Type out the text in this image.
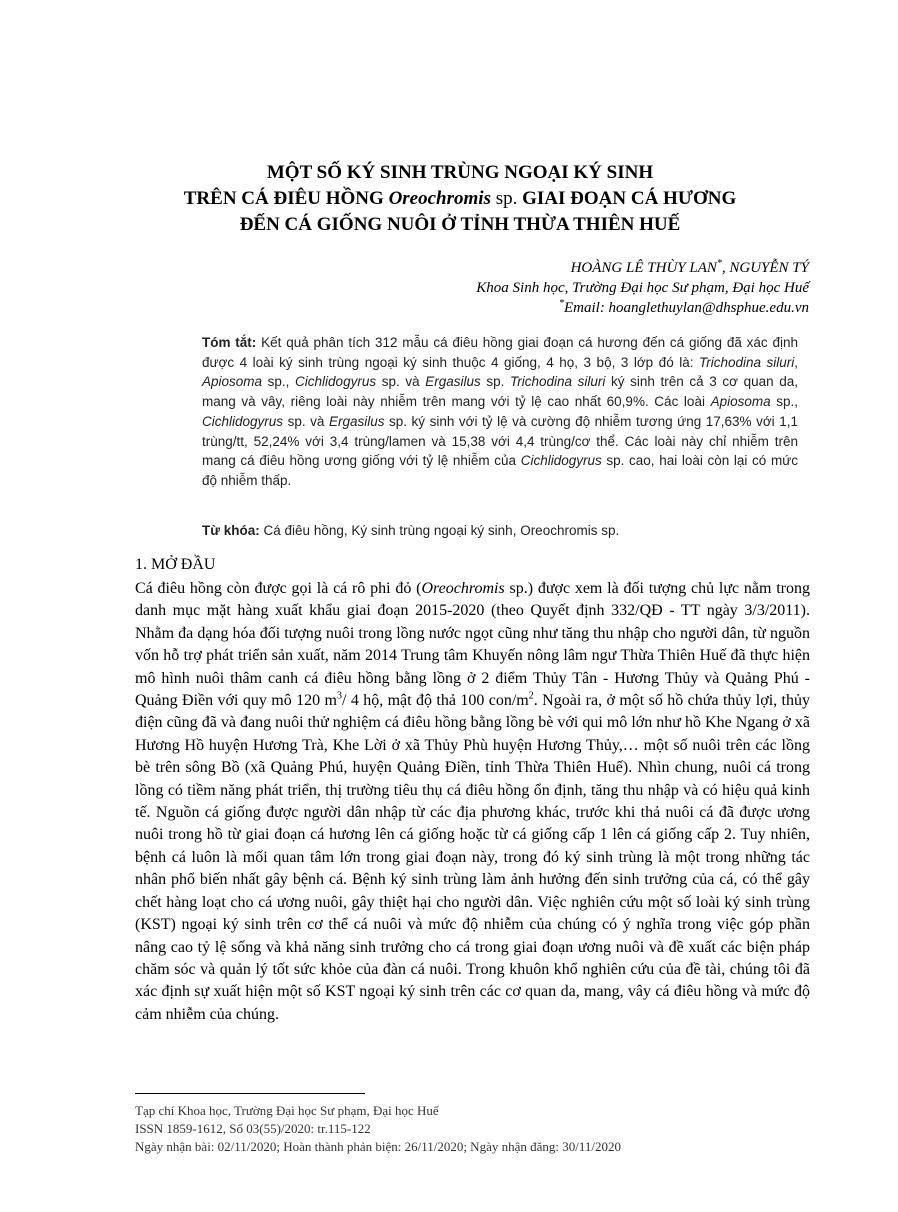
MỘT SỐ KÝ SINH TRÙNG NGOẠI KÝ SINH
TRÊN CÁ ĐIÊU HỒNG Oreochromis sp. GIAI ĐOẠN CÁ HƯƠNG
ĐẾN CÁ GIỐNG NUÔI Ở TỈNH THỪA THIÊN HUẾ
HOÀNG LÊ THÙY LAN*, NGUYỄN TÝ
Khoa Sinh học, Trường Đại học Sư phạm, Đại học Huế
*Email: hoanglethuylan@dhsphue.edu.vn
Tóm tắt: Kết quả phân tích 312 mẫu cá điêu hồng giai đoạn cá hương đến cá giống đã xác định được 4 loài ký sinh trùng ngoại ký sinh thuộc 4 giống, 4 họ, 3 bộ, 3 lớp đó là: Trichodina siluri, Apiosoma sp., Cichlidogyrus sp. và Ergasilus sp. Trichodina siluri ký sinh trên cả 3 cơ quan da, mang và vây, riêng loài này nhiễm trên mang với tỷ lệ cao nhất 60,9%. Các loài Apiosoma sp., Cichlidogyrus sp. và Ergasilus sp. ký sinh với tỷ lệ và cường độ nhiễm tương ứng 17,63% với 1,1 trùng/tt, 52,24% với 3,4 trùng/lamen và 15,38 với 4,4 trùng/cơ thể. Các loài này chỉ nhiễm trên mang cá điêu hồng ương giống với tỷ lệ nhiễm của Cichlidogyrus sp. cao, hai loài còn lại có mức độ nhiễm thấp.
Từ khóa: Cá điêu hồng, Ký sinh trùng ngoại ký sinh, Oreochromis sp.
1. MỞ ĐẦU
Cá điêu hồng còn được gọi là cá rô phi đỏ (Oreochromis sp.) được xem là đối tượng chủ lực nằm trong danh mục mặt hàng xuất khẩu giai đoạn 2015-2020 (theo Quyết định 332/QĐ - TT ngày 3/3/2011). Nhằm đa dạng hóa đối tượng nuôi trong lồng nước ngọt cũng như tăng thu nhập cho người dân, từ nguồn vốn hỗ trợ phát triển sản xuất, năm 2014 Trung tâm Khuyến nông lâm ngư Thừa Thiên Huế đã thực hiện mô hình nuôi thâm canh cá điêu hồng bằng lồng ở 2 điểm Thủy Tân - Hương Thủy và Quảng Phú - Quảng Điền với quy mô 120 $m^3/$ 4 hộ, mật độ thả 100 con/$m^2$. Ngoài ra, ở một số hồ chứa thủy lợi, thủy điện cũng đã và đang nuôi thử nghiệm cá điêu hồng bằng lồng bè với qui mô lớn như hồ Khe Ngang ở xã Hương Hồ huyện Hương Trà, Khe Lời ở xã Thủy Phù huyện Hương Thủy,… một số nuôi trên các lồng bè trên sông Bồ (xã Quảng Phú, huyện Quảng Điền, tỉnh Thừa Thiên Huế). Nhìn chung, nuôi cá trong lồng có tiềm năng phát triển, thị trường tiêu thụ cá điêu hồng ổn định, tăng thu nhập và có hiệu quả kinh tế. Nguồn cá giống được người dân nhập từ các địa phương khác, trước khi thả nuôi cá đã được ương nuôi trong hồ từ giai đoạn cá hương lên cá giống hoặc từ cá giống cấp 1 lên cá giống cấp 2. Tuy nhiên, bệnh cá luôn là mối quan tâm lớn trong giai đoạn này, trong đó ký sinh trùng là một trong những tác nhân phổ biến nhất gây bệnh cá. Bệnh ký sinh trùng làm ảnh hưởng đến sinh trưởng của cá, có thể gây chết hàng loạt cho cá ương nuôi, gây thiệt hại cho người dân. Việc nghiên cứu một số loài ký sinh trùng (KST) ngoại ký sinh trên cơ thể cá nuôi và mức độ nhiễm của chúng có ý nghĩa trong việc góp phần nâng cao tỷ lệ sống và khả năng sinh trưởng cho cá trong giai đoạn ương nuôi và đề xuất các biện pháp chăm sóc và quản lý tốt sức khỏe của đàn cá nuôi. Trong khuôn khổ nghiên cứu của đề tài, chúng tôi đã xác định sự xuất hiện một số KST ngoại ký sinh trên các cơ quan da, mang, vây cá điêu hồng và mức độ cảm nhiễm của chúng.
Tạp chí Khoa học, Trường Đại học Sư phạm, Đại học Huế
ISSN 1859-1612, Số 03(55)/2020: tr.115-122
Ngày nhận bài: 02/11/2020; Hoàn thành phản biện: 26/11/2020; Ngày nhận đăng: 30/11/2020
